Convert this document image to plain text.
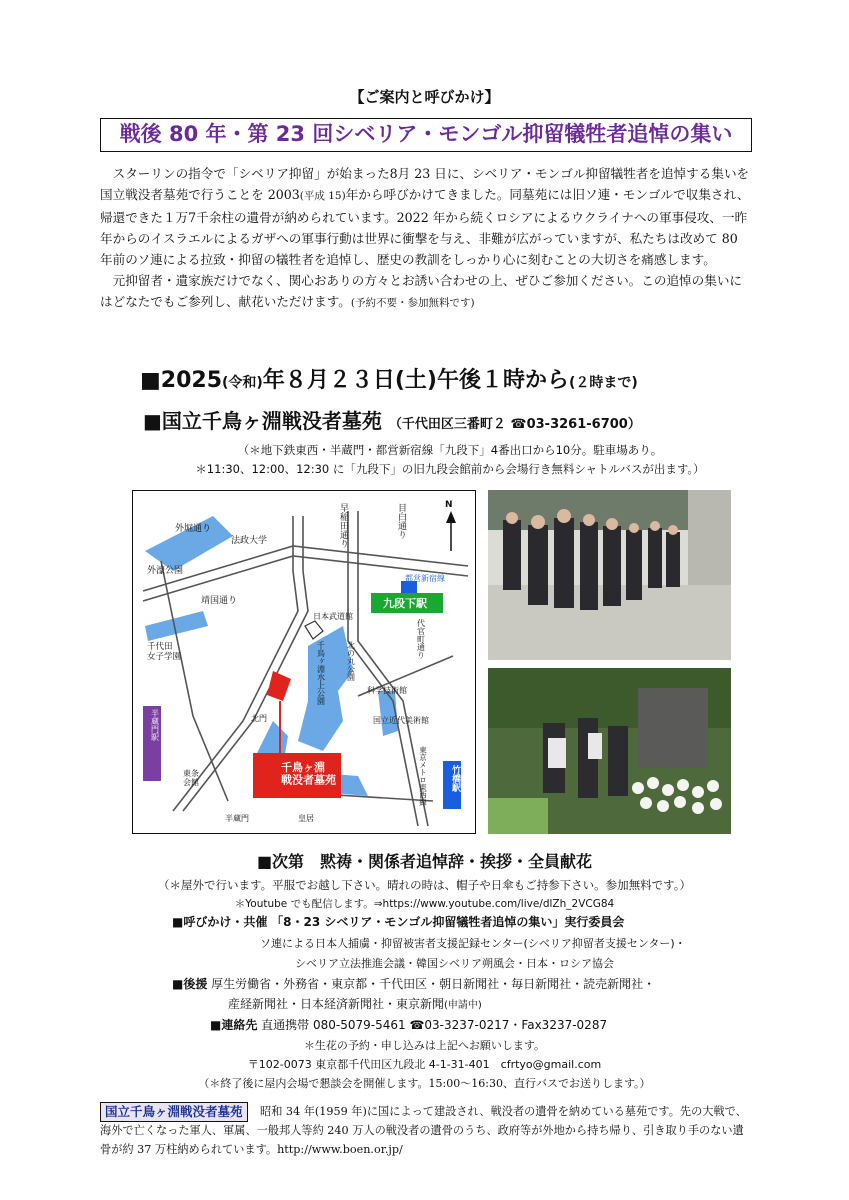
【ご案内と呼びかけ】
戦後 80 年・第 23 回シベリア・モンゴル抑留犠牲者追悼の集い

スターリンの指令で「シベリア抑留」が始まった8月 23 日に、シベリア・モンゴル抑留犠牲者を追悼する集いを国立戦没者墓苑で行うことを 2003(平成 15)年から呼びかけてきました。同墓苑には旧ソ連・モンゴルで収集され、帰還できた１万7千余柱の遺骨が納められています。2022 年から続くロシアによるウクライナへの軍事侵攻、一昨年からのイスラエルによるガザへの軍事行動は世界に衝撃を与え、非難が広がっていますが、私たちは改めて 80 年前のソ連による拉致・抑留の犠牲者を追悼し、歴史の教訓をしっかり心に刻むことの大切さを痛感します。

元抑留者・遺家族だけでなく、関心おありの方々とお誘い合わせの上、ぜひご参加ください。この追悼の集いにはどなたでもご参列し、献花いただけます。(予約不要・参加無料です)

■2025(令和)年８月２３日(土)午後１時から(２時まで)
■国立千鳥ヶ淵戦没者墓苑 （千代田区三番町２ ☎03-3261-6700）
（＊地下鉄東西・半蔵門・都営新宿線「九段下」4番出口から10分。駐車場あり。
＊11:30、12:00、12:30 に「九段下」の旧九段会館前から会場行き無料シャトルバスが出ます。）
外堀通り	早稲田通り	目白通り	N
法政大学
外濠公園
都営新宿線
九段下駅
靖国通り
日本武道館
千代田女子学園	千鳥ヶ淵水上公園	北の丸公園
代官町通り
科学技術館
北門	国立近代美術館
半蔵門駅
東京メトロ東西線	竹橋駅
東条会館
半蔵門	皇居
千鳥ヶ淵戦没者墓苑
■次第　黙祷・関係者追悼辞・挨拶・全員献花
（＊屋外で行います。平服でお越し下さい。晴れの時は、帽子や日傘もご持参下さい。参加無料です。）
＊Youtube でも配信します。⇒https://www.youtube.com/live/dlZh_2VCG84
■呼びかけ・共催 「8・23 シベリア・モンゴル抑留犠牲者追悼の集い」実行委員会
ソ連による日本人捕虜・抑留被害者支援記録センター(シベリア抑留者支援センター)・
シベリア立法推進会議・韓国シベリア朔風会・日本・ロシア協会
■後援 厚生労働省・外務省・東京都・千代田区・朝日新聞社・毎日新聞社・読売新聞社・
産経新聞社・日本経済新聞社・東京新聞(申請中)
■連絡先 直通携帯 080-5079-5461 ☎03-3237-0217・Fax3237-0287
＊生花の予約・申し込みは上記へお願いします。
〒102-0073 東京都千代田区九段北 4-1-31-401　cfrtyo@gmail.com
（＊終了後に屋内会場で懇談会を開催します。15:00～16:30、直行バスでお送りします。）
昭和 34 年(1959 年)に国によって建設され、戦没者の遺骨を納めている墓苑です。先の大戦で、海外で亡くなった軍人、軍属、一般邦人等約 240 万人の戦没者の遺骨のうち、政府等が外地から持ち帰り、引き取り手のない遺骨が約 37 万柱納められています。http://www.boen.or.jp/
国立千鳥ヶ淵戦没者墓苑
